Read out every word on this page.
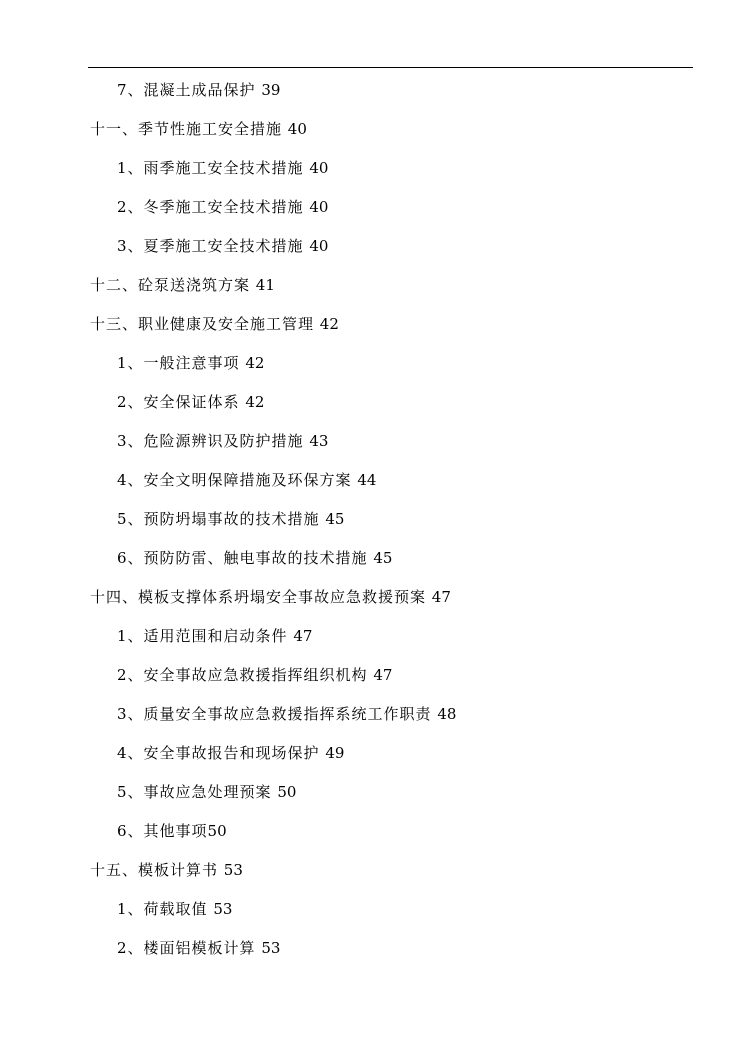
7、混凝土成品保护 39
十一、季节性施工安全措施 40
1、雨季施工安全技术措施 40
2、冬季施工安全技术措施 40
3、夏季施工安全技术措施 40
十二、砼泵送浇筑方案 41
十三、职业健康及安全施工管理 42
1、一般注意事项 42
2、安全保证体系 42
3、危险源辨识及防护措施 43
4、安全文明保障措施及环保方案 44
5、预防坍塌事故的技术措施 45
6、预防防雷、触电事故的技术措施 45
十四、模板支撑体系坍塌安全事故应急救援预案 47
1、适用范围和启动条件 47
2、安全事故应急救援指挥组织机构 47
3、质量安全事故应急救援指挥系统工作职责 48
4、安全事故报告和现场保护 49
5、事故应急处理预案 50
6、其他事项50
十五、模板计算书 53
1、荷载取值 53
2、楼面铝模板计算 53
